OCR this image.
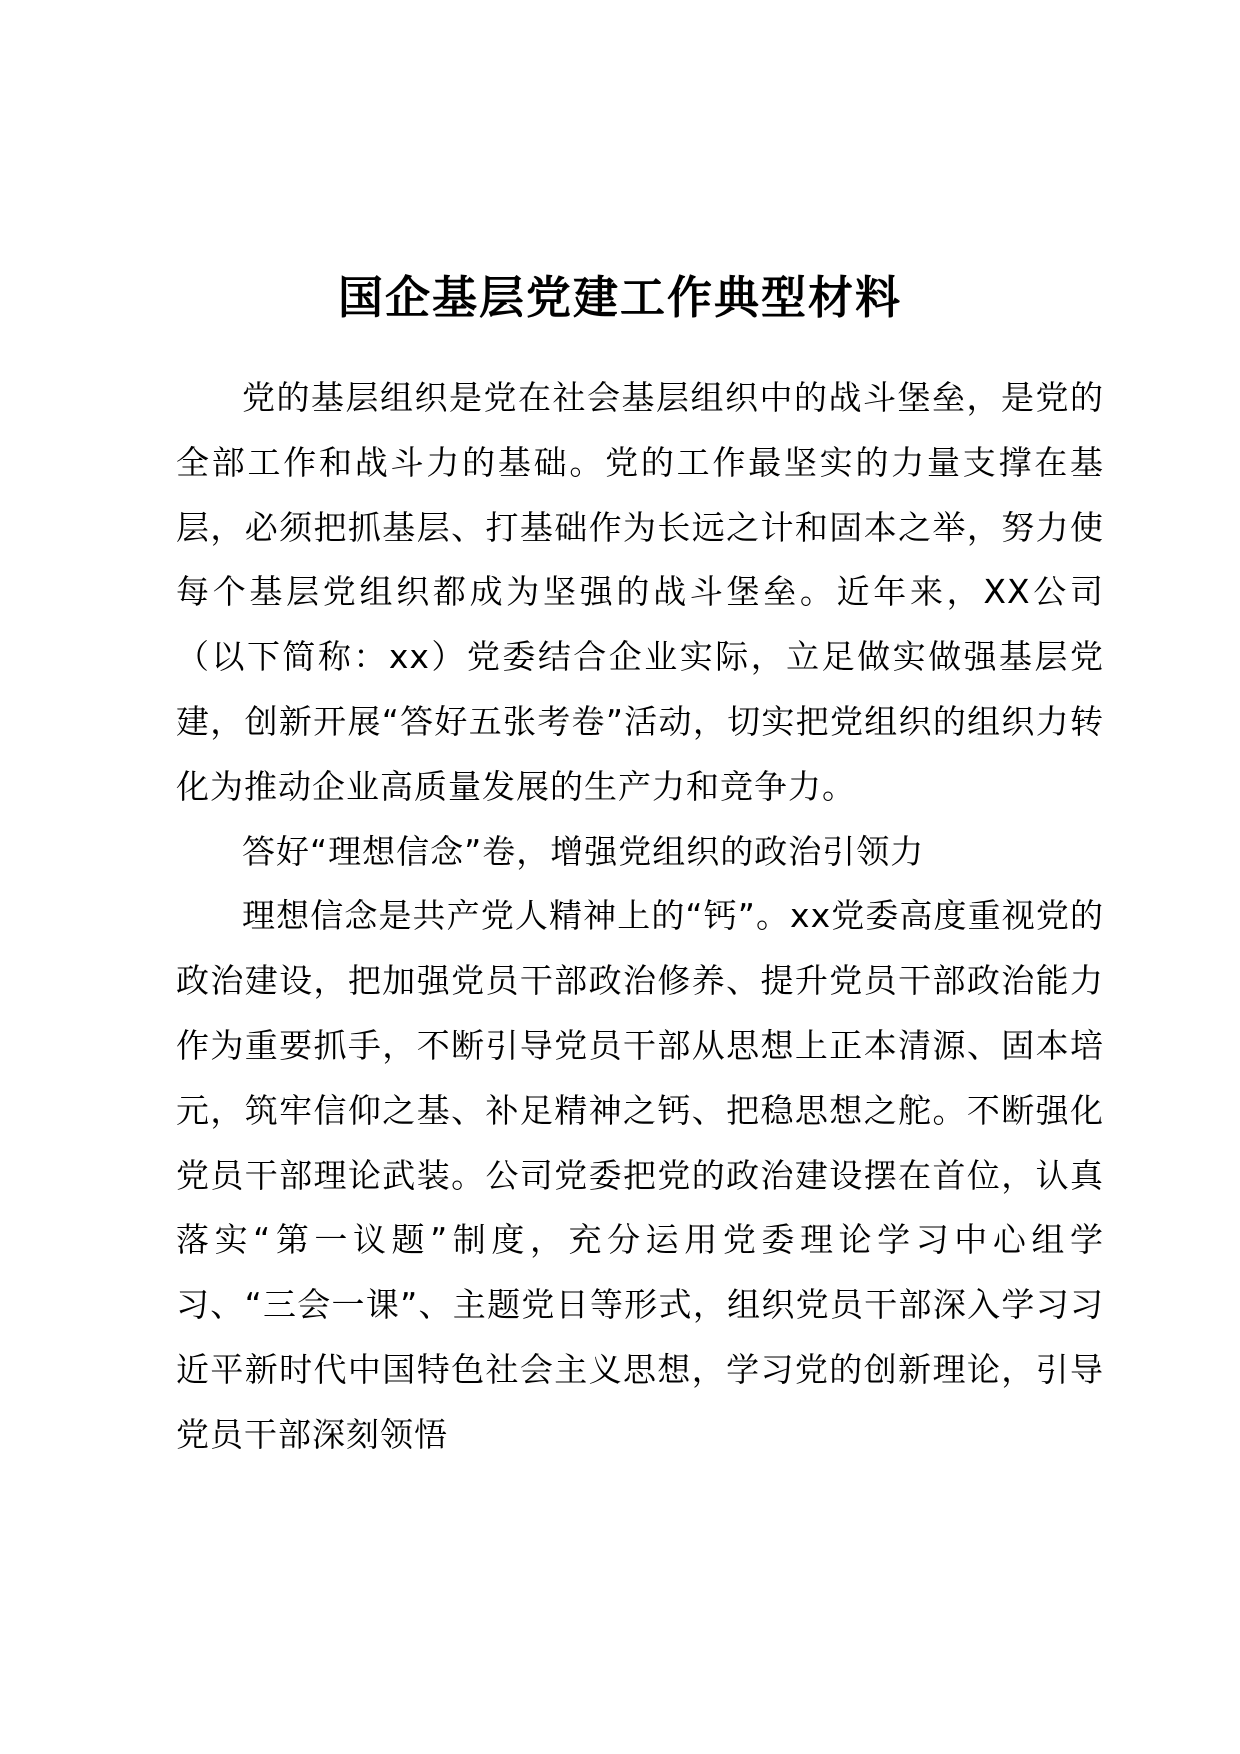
国企基层党建工作典型材料

党的基层组织是党在社会基层组织中的战斗堡垒，是党的全部工作和战斗力的基础。党的工作最坚实的力量支撑在基层，必须把抓基层、打基础作为长远之计和固本之举，努力使每个基层党组织都成为坚强的战斗堡垒。近年来，XX公司（以下简称：xx）党委结合企业实际，立足做实做强基层党建，创新开展“答好五张考卷”活动，切实把党组织的组织力转化为推动企业高质量发展的生产力和竞争力。

答好“理想信念”卷，增强党组织的政治引领力

理想信念是共产党人精神上的“钙”。xx党委高度重视党的政治建设，把加强党员干部政治修养、提升党员干部政治能力作为重要抓手，不断引导党员干部从思想上正本清源、固本培元，筑牢信仰之基、补足精神之钙、把稳思想之舵。不断强化党员干部理论武装。公司党委把党的政治建设摆在首位，认真落实“第一议题”制度，充分运用党委理论学习中心组学习、“三会一课”、主题党日等形式，组织党员干部深入学习习近平新时代中国特色社会主义思想，学习党的创新理论，引导党员干部深刻领悟
